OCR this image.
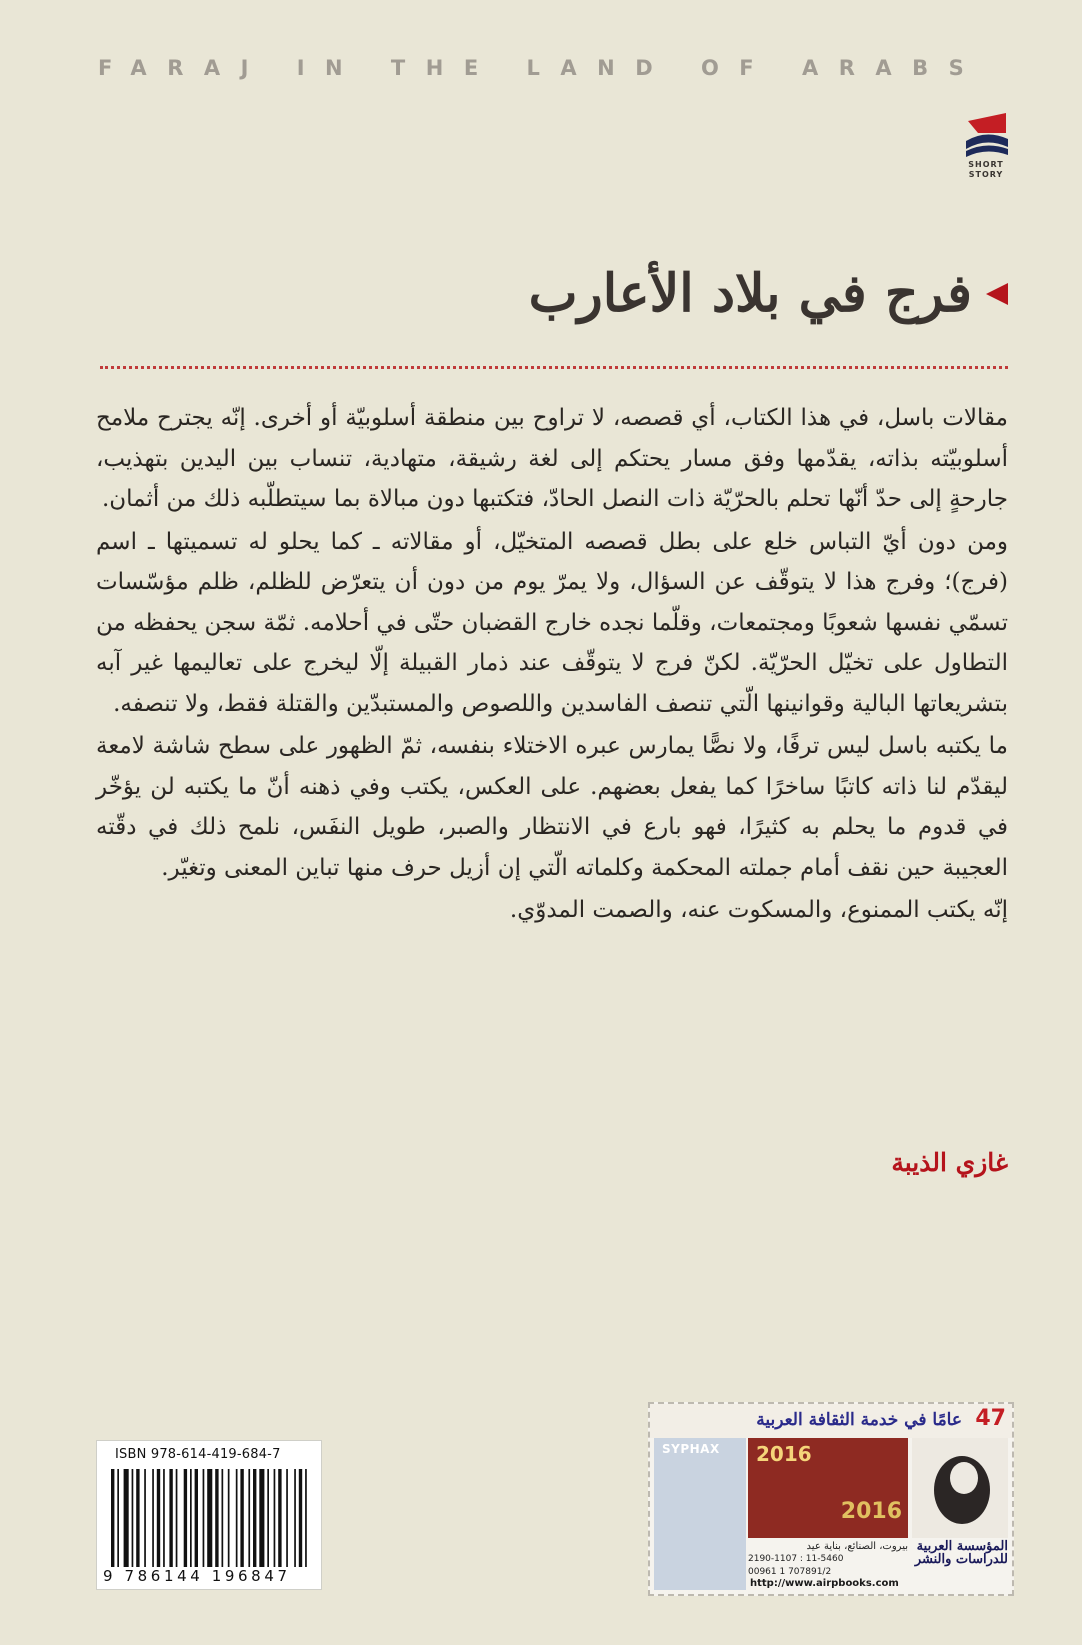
FARAJ IN THE LAND OF ARABS
SHORT STORY
فرج في بلاد الأعارب

مقالات باسل، في هذا الكتاب، أي قصصه، لا تراوح بين منطقة أسلوبيّة أو أخرى. إنّه يجترح ملامح أسلوبيّته بذاته، يقدّمها وفق مسار يحتكم إلى لغة رشيقة، متهادية، تنساب بين اليدين بتهذيب، جارحةٍ إلى حدّ أنّها تحلم بالحرّيّة ذات النصل الحادّ، فتكتبها دون مبالاة بما سيتطلّبه ذلك من أثمان.

ومن دون أيّ التباس خلع على بطل قصصه المتخيّل، أو مقالاته ـ كما يحلو له تسميتها ـ اسم (فرج)؛ وفرج هذا لا يتوقّف عن السؤال، ولا يمرّ يوم من دون أن يتعرّض للظلم، ظلم مؤسّسات تسمّي نفسها شعوبًا ومجتمعات، وقلّما نجده خارج القضبان حتّى في أحلامه. ثمّة سجن يحفظه من التطاول على تخيّل الحرّيّة. لكنّ فرج لا يتوقّف عند ذمار القبيلة إلّا ليخرج على تعاليمها غير آبه بتشريعاتها البالية وقوانينها الّتي تنصف الفاسدين واللصوص والمستبدّين والقتلة فقط، ولا تنصفه.

ما يكتبه باسل ليس ترفًا، ولا نصًّا يمارس عبره الاختلاء بنفسه، ثمّ الظهور على سطح شاشة لامعة ليقدّم لنا ذاته كاتبًا ساخرًا كما يفعل بعضهم. على العكس، يكتب وفي ذهنه أنّ ما يكتبه لن يؤخّر في قدوم ما يحلم به كثيرًا، فهو بارع في الانتظار والصبر، طويل النفَس، نلمح ذلك في دقّته العجيبة حين نقف أمام جملته المحكمة وكلماته الّتي إن أزيل حرف منها تباين المعنى وتغيّر.

إنّه يكتب الممنوع، والمسكوت عنه، والصمت المدوّي.

غازي الذيبة
ISBN 978-614-419-684-7
9 786144 196847
47
عامًا في خدمة الثقافة العربية
SYPHAX 2016
2016
بيروت، الصنائع، بناية عيد
2190-1107 : 11-5460
00961 1 707891/2
http://www.airpbooks.com
المؤسسة العربية للدراسات والنشر
